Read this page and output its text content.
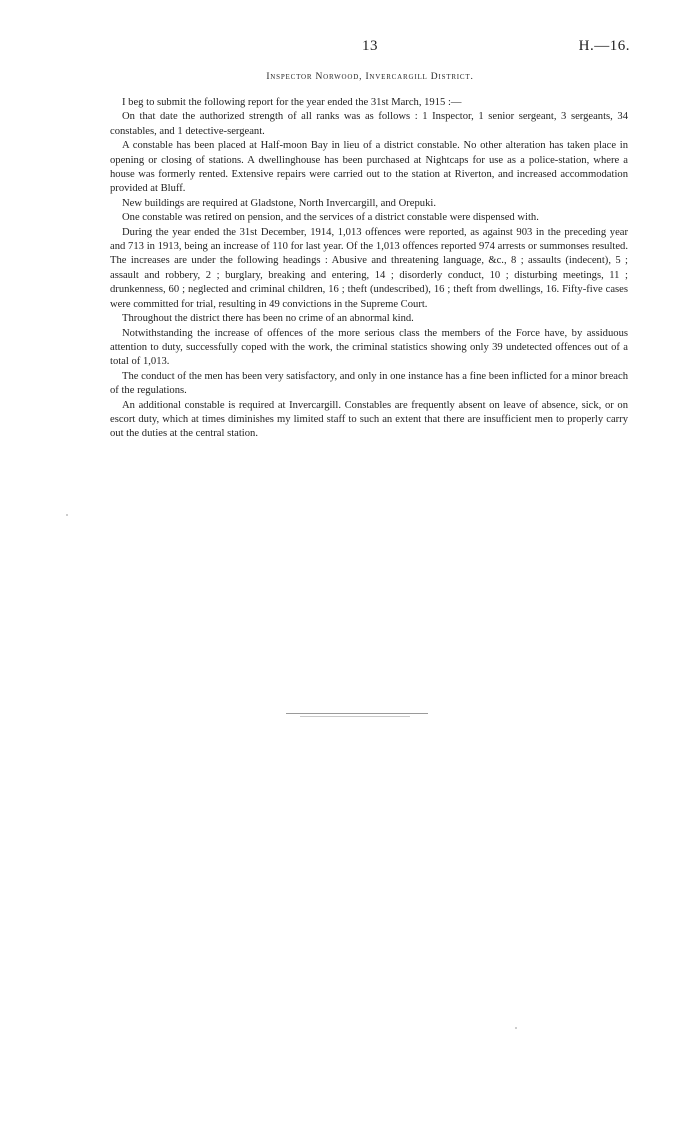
13	H.—16.
Inspector Norwood, Invercargill District.

I beg to submit the following report for the year ended the 31st March, 1915 :—

On that date the authorized strength of all ranks was as follows : 1 Inspector, 1 senior sergeant, 3 sergeants, 34 constables, and 1 detective-sergeant.

A constable has been placed at Half-moon Bay in lieu of a district constable. No other alteration has taken place in opening or closing of stations. A dwellinghouse has been purchased at Nightcaps for use as a police-station, where a house was formerly rented. Extensive repairs were carried out to the station at Riverton, and increased accommodation provided at Bluff.

New buildings are required at Gladstone, North Invercargill, and Orepuki.

One constable was retired on pension, and the services of a district constable were dispensed with.

During the year ended the 31st December, 1914, 1,013 offences were reported, as against 903 in the preceding year and 713 in 1913, being an increase of 110 for last year. Of the 1,013 offences reported 974 arrests or summonses resulted. The increases are under the following headings : Abusive and threatening language, &c., 8 ; assaults (indecent), 5 ; assault and robbery, 2 ; burglary, breaking and entering, 14 ; disorderly conduct, 10 ; disturbing meetings, 11 ; drunkenness, 60 ; neglected and criminal children, 16 ; theft (undescribed), 16 ; theft from dwellings, 16. Fifty-five cases were committed for trial, resulting in 49 convictions in the Supreme Court.

Throughout the district there has been no crime of an abnormal kind.

Notwithstanding the increase of offences of the more serious class the members of the Force have, by assiduous attention to duty, successfully coped with the work, the criminal statistics showing only 39 undetected offences out of a total of 1,013.

The conduct of the men has been very satisfactory, and only in one instance has a fine been inflicted for a minor breach of the regulations.

An additional constable is required at Invercargill. Constables are frequently absent on leave of absence, sick, or on escort duty, which at times diminishes my limited staff to such an extent that there are insufficient men to properly carry out the duties at the central station.
